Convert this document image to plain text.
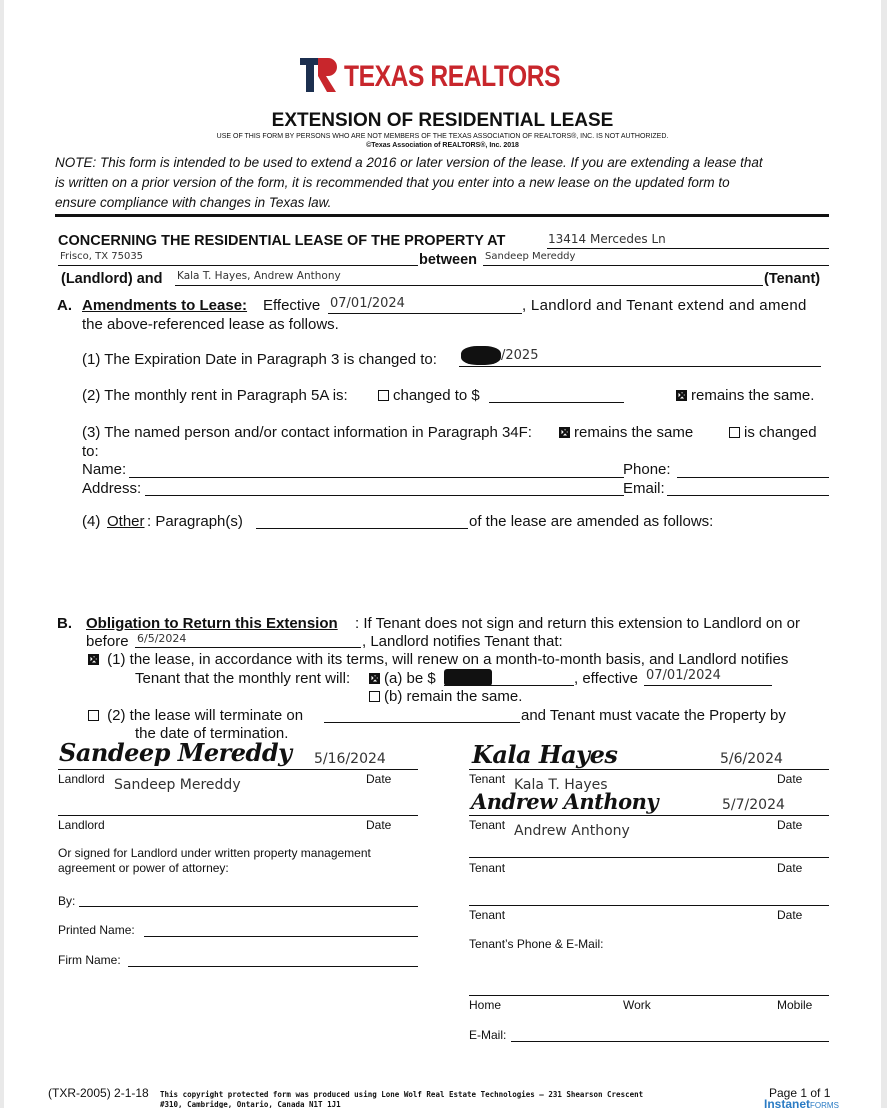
TEXAS REALTORS
EXTENSION OF RESIDENTIAL LEASE
USE OF THIS FORM BY PERSONS WHO ARE NOT MEMBERS OF THE TEXAS ASSOCIATION OF REALTORS®, INC. IS NOT AUTHORIZED.
©Texas Association of REALTORS®, Inc. 2018
NOTE: This form is intended to be used to extend a 2016 or later version of the lease. If you are extending a lease that
is written on a prior version of the form, it is recommended that you enter into a new lease on the updated form to
ensure compliance with changes in Texas law.
CONCERNING THE RESIDENTIAL LEASE OF THE PROPERTY AT	13414 Mercedes Ln
Frisco, TX 75035	between Sandeep Mereddy
(Landlord) and Kala T. Hayes, Andrew Anthony	(Tenant)
A. Amendments to Lease: Effective 07/01/2024	, Landlord and Tenant extend and amend
the above-referenced lease as follows.
(1) The Expiration Date in Paragraph 3 is changed to:	/2025
(2) The monthly rent in Paragraph 5A is:	changed to $	remains the same.
(3) The named person and/or contact information in Paragraph 34F:	remains the same	is changed
to:
Name:	Phone:
Address:	Email:
(4) Other : Paragraph(s)	of the lease are amended as follows:
B. Obligation to Return this Extension : If Tenant does not sign and return this extension to Landlord on or
before 6/5/2024	, Landlord notifies Tenant that:
(1) the lease, in accordance with its terms, will renew on a month-to-month basis, and Landlord notifies
Tenant that the monthly rent will:	(a) be $	, effective 07/01/2024
(b) remain the same.
(2) the lease will terminate on	and Tenant must vacate the Property by
the date of termination.
Sandeep Mereddy 5/16/2024
Landlord Sandeep Mereddy	Date
Landlord	Date
Or signed for Landlord under written property management
agreement or power of attorney:
By:
Printed Name:
Firm Name:
Kala Hayes	5/6/2024
Tenant Kala T. Hayes	Date
Andrew Anthony	5/7/2024
Tenant Andrew Anthony	Date
Tenant	Date
Tenant	Date
Tenant’s Phone & E-Mail:
Home	Work	Mobile
E-Mail:
(TXR-2005) 2-1-18 This copyright protected form was produced using Lone Wolf Real Estate Technologies – 231 Shearson Crescent
#310, Cambridge, Ontario, Canada N1T 1J1
Page 1 of 1
InstanetFORMS
